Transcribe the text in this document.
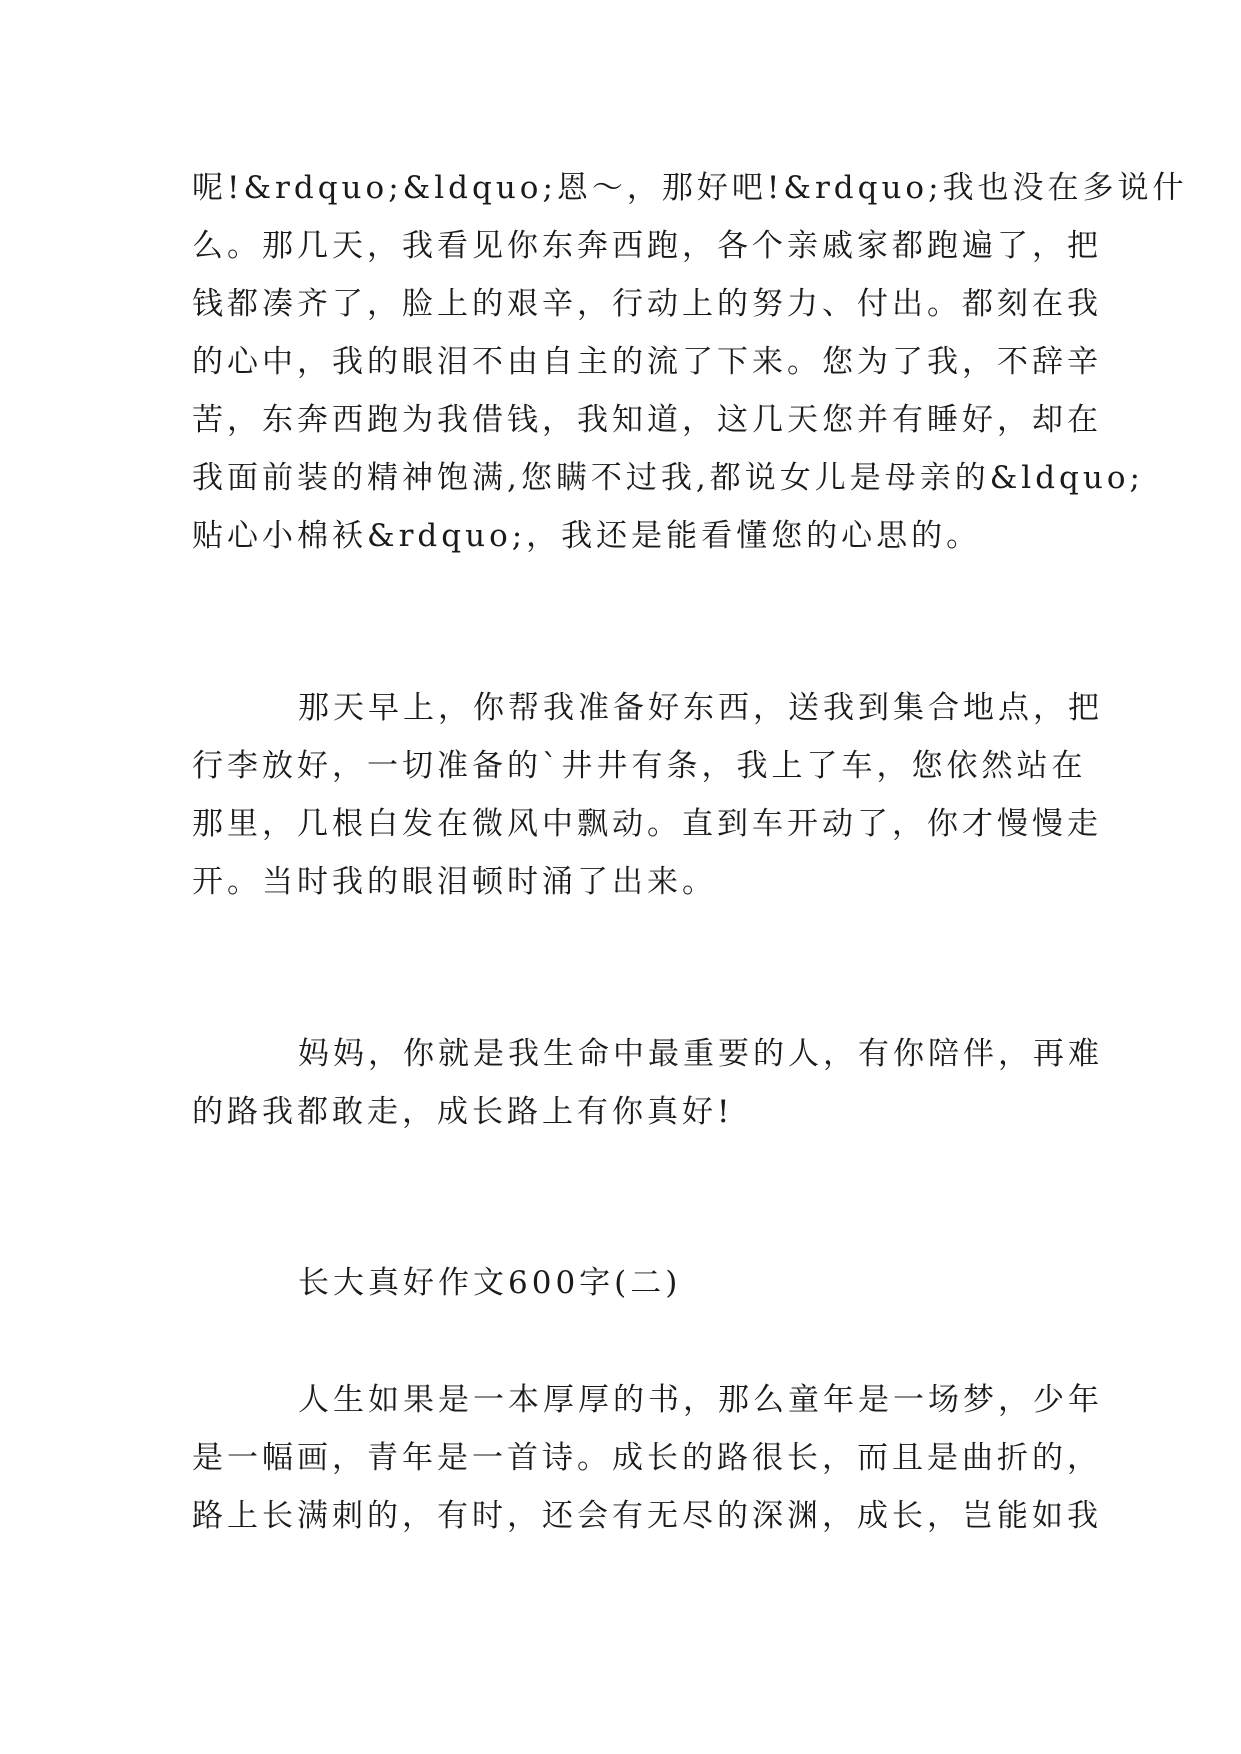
呢!&rdquo;&ldquo;恩～，那好吧!&rdquo;我也没在多说什
么。那几天，我看见你东奔西跑，各个亲戚家都跑遍了，把
钱都凑齐了，脸上的艰辛，行动上的努力、付出。都刻在我
的心中，我的眼泪不由自主的流了下来。您为了我，不辞辛
苦，东奔西跑为我借钱，我知道，这几天您并有睡好，却在
我面前装的精神饱满,您瞒不过我,都说女儿是母亲的&ldquo;
贴心小棉袄&rdquo;，我还是能看懂您的心思的。
那天早上，你帮我准备好东西，送我到集合地点，把
行李放好，一切准备的`井井有条，我上了车，您依然站在
那里，几根白发在微风中飘动。直到车开动了，你才慢慢走
开。当时我的眼泪顿时涌了出来。
妈妈，你就是我生命中最重要的人，有你陪伴，再难
的路我都敢走，成长路上有你真好!
长大真好作文600字(二)
人生如果是一本厚厚的书，那么童年是一场梦，少年
是一幅画，青年是一首诗。成长的路很长，而且是曲折的，
路上长满刺的，有时，还会有无尽的深渊，成长，岂能如我
